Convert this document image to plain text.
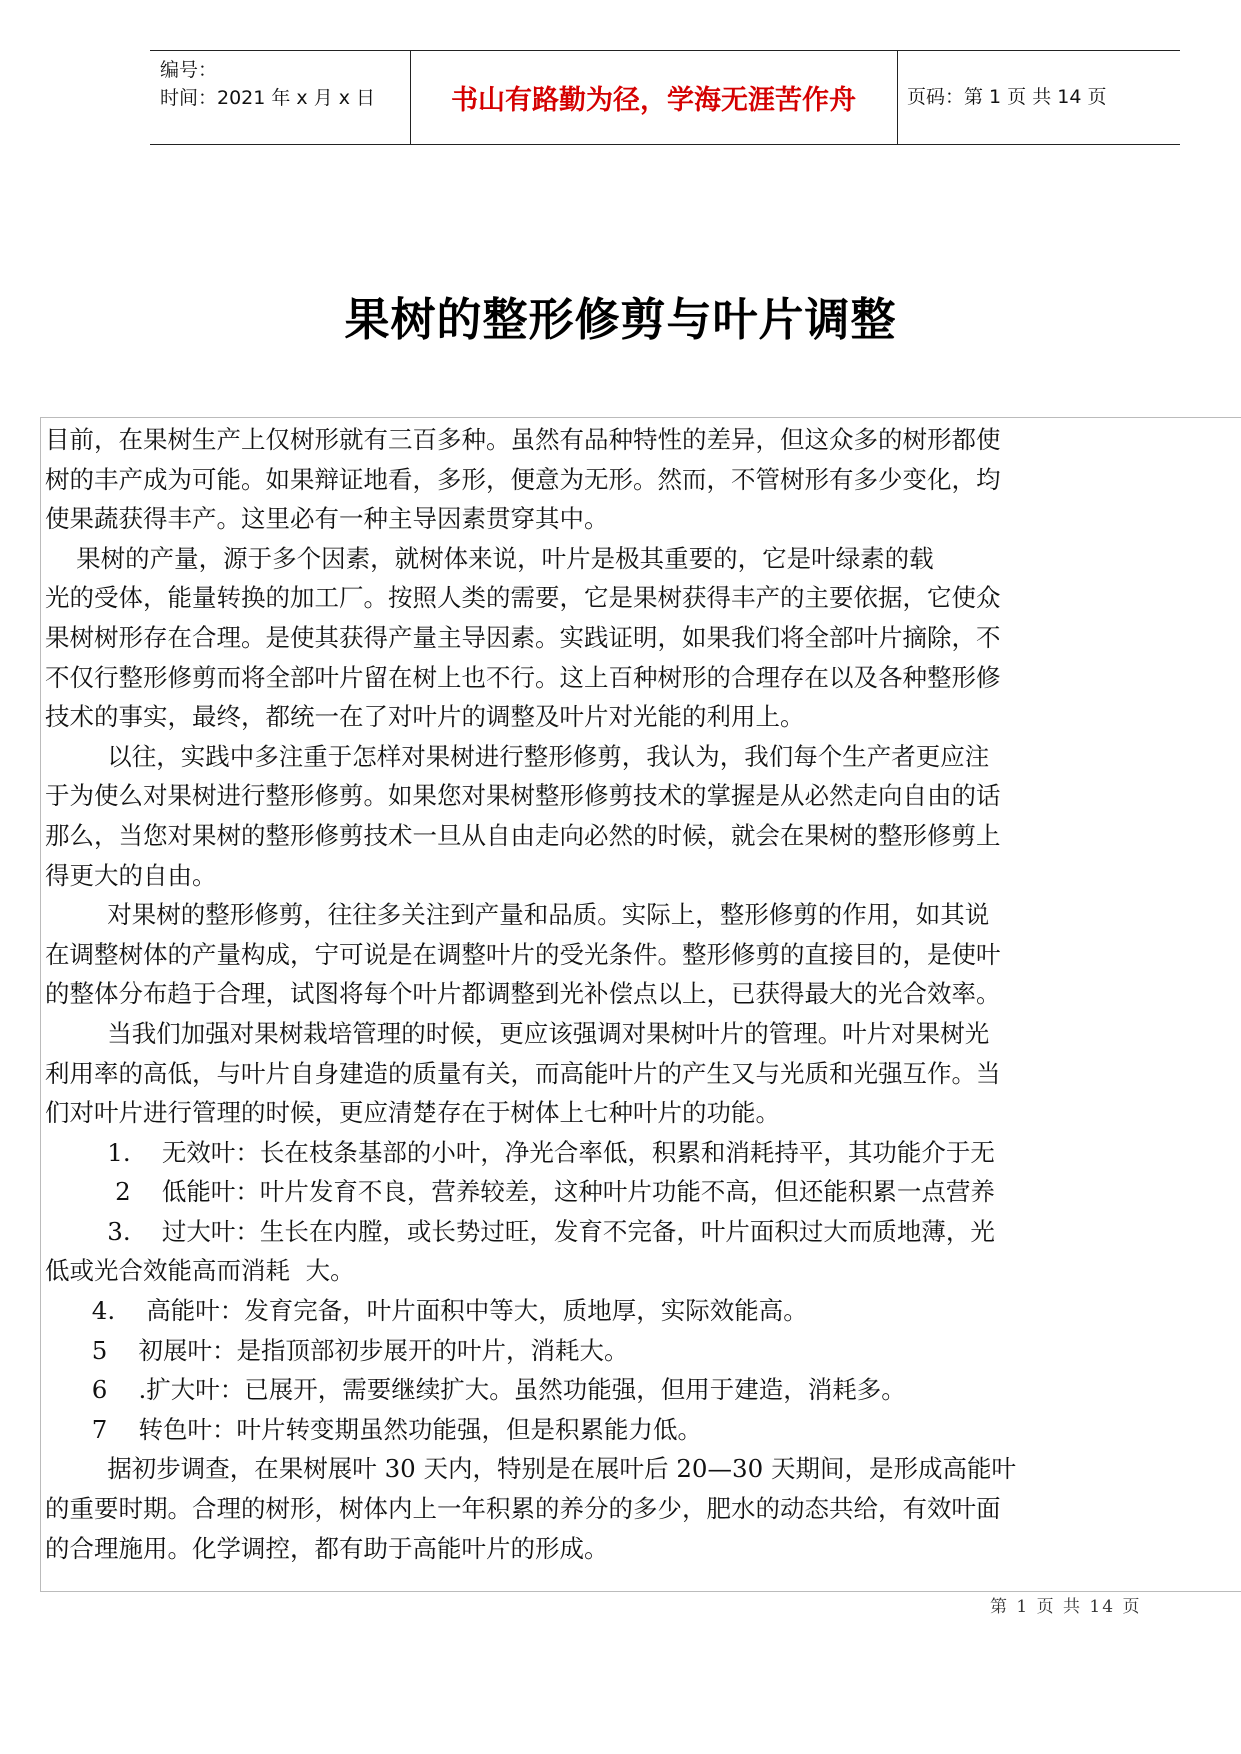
编号：
时间：2021 年 x 月 x 日	书山有路勤为径，学海无涯苦作舟	页码：第 1 页 共 14 页
果树的整形修剪与叶片调整
目前，在果树生产上仅树形就有三百多种。虽然有品种特性的差异，但这众多的树形都使
树的丰产成为可能。如果辩证地看，多形，便意为无形。然而，不管树形有多少变化，均
使果蔬获得丰产。这里必有一种主导因素贯穿其中。
果树的产量，源于多个因素，就树体来说，叶片是极其重要的，它是叶绿素的载
光的受体，能量转换的加工厂。按照人类的需要，它是果树获得丰产的主要依据，它使众
果树树形存在合理。是使其获得产量主导因素。实践证明，如果我们将全部叶片摘除，不
不仅行整形修剪而将全部叶片留在树上也不行。这上百种树形的合理存在以及各种整形修
技术的事实，最终，都统一在了对叶片的调整及叶片对光能的利用上。
以往，实践中多注重于怎样对果树进行整形修剪，我认为，我们每个生产者更应注
于为使么对果树进行整形修剪。如果您对果树整形修剪技术的掌握是从必然走向自由的话
那么，当您对果树的整形修剪技术一旦从自由走向必然的时候，就会在果树的整形修剪上
得更大的自由。
对果树的整形修剪，往往多关注到产量和品质。实际上，整形修剪的作用，如其说
在调整树体的产量构成，宁可说是在调整叶片的受光条件。整形修剪的直接目的，是使叶
的整体分布趋于合理，试图将每个叶片都调整到光补偿点以上，已获得最大的光合效率。
当我们加强对果树栽培管理的时候，更应该强调对果树叶片的管理。叶片对果树光
利用率的高低，与叶片自身建造的质量有关，而高能叶片的产生又与光质和光强互作。当
们对叶片进行管理的时候，更应清楚存在于树体上七种叶片的功能。
1.    无效叶：长在枝条基部的小叶，净光合率低，积累和消耗持平，其功能介于无
2    低能叶：叶片发育不良，营养较差，这种叶片功能不高，但还能积累一点营养
3.    过大叶：生长在内膛，或长势过旺，发育不完备，叶片面积过大而质地薄，光
低或光合效能高而消耗  大。
4.    高能叶：发育完备，叶片面积中等大，质地厚，实际效能高。
5    初展叶：是指顶部初步展开的叶片，消耗大。
6    .扩大叶：已展开，需要继续扩大。虽然功能强，但用于建造，消耗多。
7    转色叶：叶片转变期虽然功能强，但是积累能力低。
据初步调查，在果树展叶 30 天内，特别是在展叶后 20—30 天期间，是形成高能叶
的重要时期。合理的树形，树体内上一年积累的养分的多少，肥水的动态共给，有效叶面
的合理施用。化学调控，都有助于高能叶片的形成。
第 1 页 共 14 页
